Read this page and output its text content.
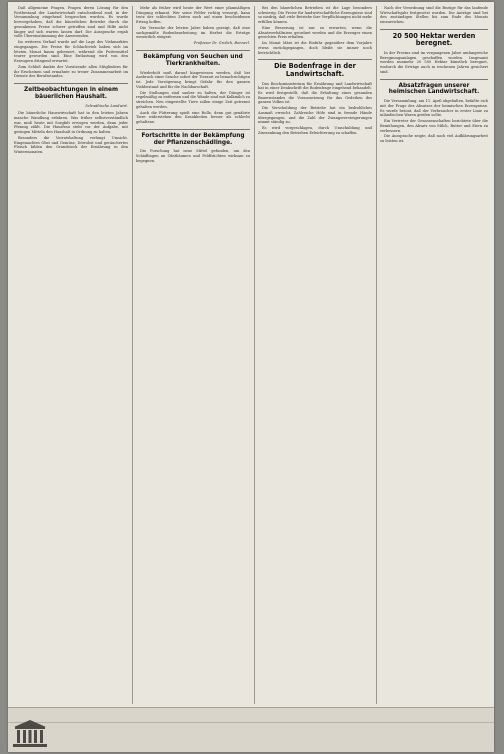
Daß allgemeine Fragen, Fragen deren Lösung für den Fortbestand der Landwirtschaft entscheidend sind, in der Versammlung eingehend besprochen wurden. Es wurde hervorgehoben, daß die bäuerlichen Betriebe durch die gesunkenen Preise schwer getroffen sind und Hilfe nicht länger auf sich warten lassen darf. Die Aussprache ergab volle Übereinstimmung der Anwesenden.
Im weiteren Verlauf wurde auf die Lage des Viehmarktes eingegangen. Die Preise für Schlachtvieh haben sich im letzten Monat kaum gebessert, während die Futtermittel teurer geworden sind. Eine Entlastung wird von den Erzeugern dringend erwartet.
Zum Schluß dankte der Vorsitzende allen Mitgliedern für ihr Erscheinen und ermahnte zu treuer Zusammenarbeit im Dienste des Berufsstandes.
Zeitbeobachtungen in einem bäuerlichen Haushalt.
Schwäbische Landwirt.
Die bäuerliche Hauswirtschaft hat in den letzten Jahren manche Wandlung erfahren. Was früher selbstverständlich war, muß heute mit Sorgfalt erwogen werden, denn jeder Pfennig zählt. Die Hausfrau steht vor der Aufgabe, mit geringen Mitteln den Haushalt in Ordnung zu halten.
Besonders die Vorratshaltung verlangt Umsicht. Eingemachtes Obst und Gemüse, Dörrobst und geräuchertes Fleisch bilden den Grundstock der Ernährung in den Wintermonaten.
Mehr als früher wird heute der Wert einer planmäßigen Düngung erkannt. Wer seine Felder richtig versorgt, kann trotz der schlechten Zeiten noch auf einen bescheidenen Ertrag hoffen.
Die Versuche der letzten Jahre haben gezeigt, daß eine sachgemäße Bodenbearbeitung im Herbst die Erträge wesentlich steigert.
Professor Dr. Grolich, Bonnerl.
Bekämpfung von Seuchen und Tierkrankheiten.
Wiederholt muß darauf hingewiesen werden, daß bei Ausbruch einer Seuche sofort der Tierarzt zu benachrichtigen ist. Jede Verzögerung bringt Gefahr für den ganzen Viehbestand und für die Nachbarschaft.
Die Stallungen sind sauber zu halten, der Dünger ist regelmäßig zu entfernen und die Wände sind mit Kalkmilch zu streichen. Neu eingestellte Tiere sollen einige Zeit getrennt gehalten werden.
Auch die Fütterung spielt eine Rolle, denn gut genährte Tiere widerstehen den Krankheiten besser als schlecht gehaltene.
Fortschritte in der Bekämpfung der Pflanzenschädlinge.
Die Forschung hat neue Mittel gefunden, um den Schädlingen an Obstbäumen und Feldfrüchten wirksam zu begegnen.
Bei den bäuerlichen Betrieben ist die Lage besonders schwierig. Die Preise für landwirtschaftliche Erzeugnisse sind so niedrig, daß viele Betriebe ihre Verpflichtungen nicht mehr erfüllen können.
Eine Besserung ist nur zu erwarten, wenn die Absatzverhältnisse geordnet werden und die Erzeuger einen gerechten Preis erhalten.
Im Monat März ist die Einfuhr gegenüber dem Vorjahre etwas zurückgegangen, doch bleibt sie immer noch beträchtlich.
Die Bodenfrage in der Landwirtschaft.
Das Reichsministerium für Ernährung und Landwirtschaft hat in einer Denkschrift die Bodenfrage eingehend behandelt. Es wird festgestellt, daß die Erhaltung eines gesunden Bauernstandes die Voraussetzung für das Gedeihen des ganzen Volkes ist.
Die Verschuldung der Betriebe hat ein bedrohliches Ausmaß erreicht. Zahlreiche Höfe sind in fremde Hände übergegangen, und die Zahl der Zwangsversteigerungen nimmt ständig zu.
Es wird vorgeschlagen, durch Umschuldung und Zinssenkung den Betrieben Erleichterung zu schaffen.
Nach der Verordnung sind die Bezüge für das laufende Wirtschaftsjahr festgesetzt worden. Die Anträge sind bei den zuständigen Stellen bis zum Ende des Monats einzureichen.
20 500 Hektar werden beregnet.
In der Provinz sind im vergangenen Jahre umfangreiche Beregnungsanlagen geschaffen worden. Insgesamt werden nunmehr 20 500 Hektar künstlich beregnet, wodurch die Erträge auch in trockenen Jahren gesichert sind.
Absatzfragen unserer heimischen Landwirtschaft.
Die Versammlung, am 11. April abgehalten, befaßte sich mit der Frage des Absatzes der heimischen Erzeugnisse. Es wurde betont, daß der Verbraucher in erster Linie zu inländischen Waren greifen sollte.
Ein Vertreter der Genossenschaften berichtete über die Bemühungen, den Absatz von Milch, Butter und Eiern zu verbessern.
Die Aussprache zeigte, daß noch viel Aufklärungsarbeit zu leisten ist.
